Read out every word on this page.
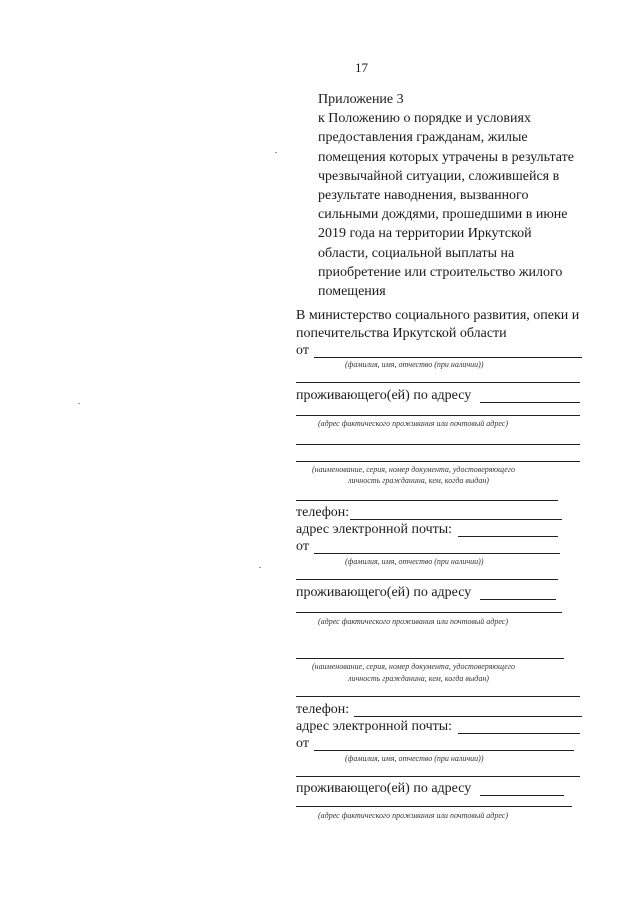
17
Приложение 3
к Положению о порядке и условиях
предоставления гражданам, жилые
помещения которых утрачены в результате
чрезвычайной ситуации, сложившейся в
результате наводнения, вызванного
сильными дождями, прошедшими в июне
2019 года на территории Иркутской
области, социальной выплаты на
приобретение или строительство жилого
помещения
В министерство социального развития, опеки и
попечительства Иркутской области
от
(фамилия, имя, отчество (при наличии))
проживающего(ей) по адресу
(адрес фактического проживания или почтовый адрес)
(наименование, серия, номер документа, удостоверяющего
личность гражданина, кем, когда выдан)
телефон:
адрес электронной почты:
от
(фамилия, имя, отчество (при наличии))
проживающего(ей) по адресу
(адрес фактического проживания или почтовый адрес)
(наименование, серия, номер документа, удостоверяющего
личность гражданина, кем, когда выдан)
телефон:
адрес электронной почты:
от
(фамилия, имя, отчество (при наличии))
проживающего(ей) по адресу
(адрес фактического проживания или почтовый адрес)
